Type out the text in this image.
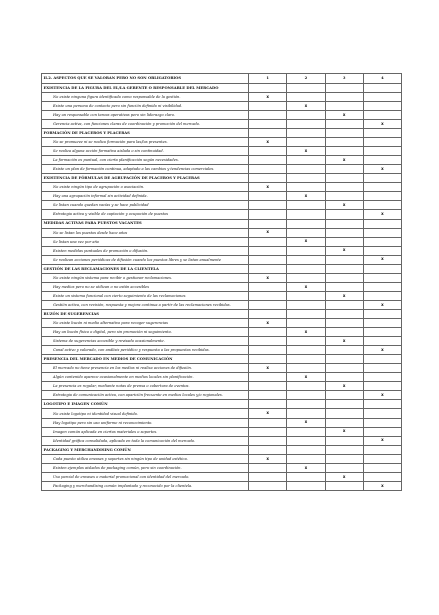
II.2. ASPECTOS QUE SE VALORAN PERO NO SON OBLIGATORIOS	1	2	3	4
EXISTENCIA DE LA FIGURA DEL EL/LA GERENTE O RESPONSABLE DEL MERCADO				
No existe ninguna figura identificada como responsable de la gestión.	x			
Existe una persona de contacto pero sin función definida ni visibilidad.		x		
Hay un responsable con tareas operativas pero sin liderazgo claro.			x	
Gerencia activa, con funciones claras de coordinación y promoción del mercado.				x
FORMACIÓN DE PLACEROS Y PLACERAS				
No se promueve ni se realiza formación para las/los presentes.	x			
Se realiza alguna acción formativa aislada o sin continuidad.		x		
La formación es puntual, con cierta planificación según necesidades.			x	
Existe un plan de formación continua, adaptado a las cambios y tendencias comerciales.				x
EXISTENCIA DE FÓRMULAS DE AGRUPACIÓN DE PLACEROS Y PLACERAS				
No existe ningún tipo de agrupación o asociación.	x			
Hay una agrupación informal sin actividad definida.		x		
Se listan cuando quedan vacías y se hace publicidad			x	
Estrategia activa y visible de captación y ocupación de puestos				x
MEDIDAS ACTIVAS PARA PUESTOS VACANTES				
No se listan los puestos desde hace años	x			
Se listan una vez por año		x		
Existen medidas puntuales de promoción o difusión.			x	
Se realizan acciones periódicas de difusión cuando los puestos libres y se listan anualmente				x
GESTIÓN DE LAS RECLAMACIONES DE LA CLIENTELA				
No existe ningún sistema para recibir o gestionar reclamaciones.	x			
Hay medios pero no se utilizan o no están accesibles		x		
Existe un sistema funcional con cierto seguimiento de las reclamaciones.			x	
Gestión activa, con revisión, respuesta y mejora continua a partir de las reclamaciones recibidas.				x
BUZÓN DE SUGERENCIAS				
No existe buzón ni medio alternativo para recoger sugerencias	x			
Hay un buzón físico o digital, pero sin promoción ni seguimiento.		x		
Sistema de sugerencias accesible y revisado ocasionalmente.			x	
Canal activo y valorado, con análisis periódico y respuesta a las propuestas recibidas.				x
PRESENCIA DEL MERCADO EN MEDIOS DE COMUNICACIÓN				
El mercado no tiene presencia en los medios ni realiza acciones de difusión.	x			
Algún contenido aparece ocasionalmente en medios locales sin planificación.		x		
La presencia es regular, mediante notas de prensa o cobertura de eventos.			x	
Estrategia de comunicación activa, con aparición frecuente en medios locales y/o regionales.				x
LOGOTIPO E IMAGEN COMÚN				
No existe logotipo ni identidad visual definida.	x			
Hay logotipo pero sin uso uniforme ni reconocimiento.		x		
Imagen común aplicada en ciertos materiales o soportes.			x	
Identidad gráfica consolidada, aplicada en toda la comunicación del mercado.				x
PACKAGING Y MERCHANDISING COMÚN				
Cada puesto utiliza envases y soportes sin ningún tipo de unidad estética.	x			
Existen ejemplos aislados de packaging común, pero sin coordinación.		x		
Uso parcial de envases o material promocional con identidad del mercado.			x	
Packaging y merchandising común implantado y reconocido por la clientela.				x
